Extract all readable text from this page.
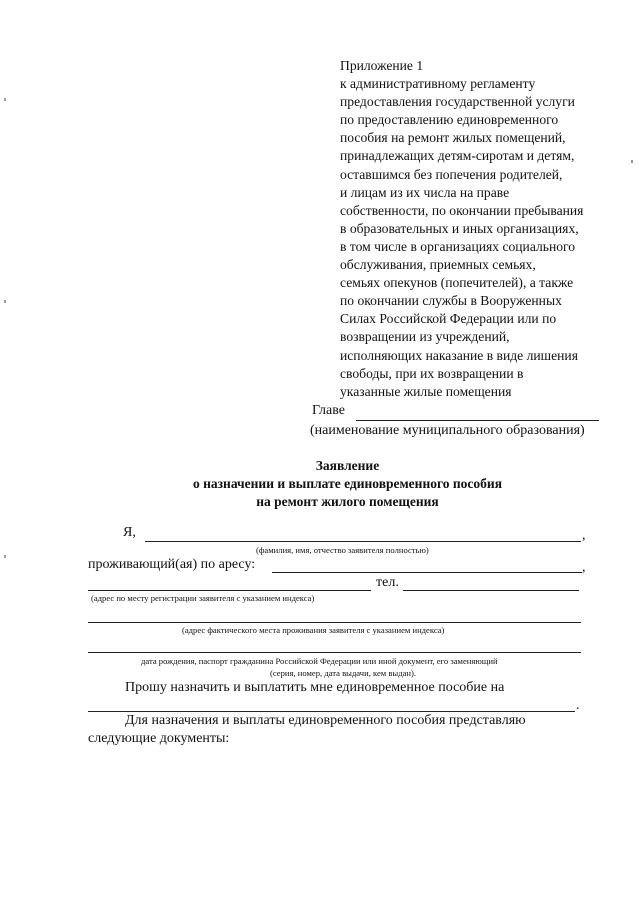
Приложение 1
к административному регламенту
предоставления государственной услуги
по предоставлению единовременного
пособия на ремонт жилых помещений,
принадлежащих детям-сиротам и детям,
оставшимся без попечения родителей,
и лицам из их числа на праве
собственности, по окончании пребывания
в образовательных и иных организациях,
в том числе в организациях социального
обслуживания, приемных семьях,
семьях опекунов (попечителей), а также
по окончании службы в Вооруженных
Силах Российской Федерации или по
возвращении из учреждений,
исполняющих наказание в виде лишения
свободы, при их возвращении в
указанные жилые помещения
Главе
(наименование муниципального образования)
Заявление
о назначении и выплате единовременного пособия
на ремонт жилого помещения
Я,	,
(фамилия, имя, отчество заявителя полностью)
проживающий(ая) по аресу:	,
тел.
(адрес по месту регистрации заявителя с указанием индекса)
(адрес фактического места проживания заявителя с указанием индекса)
дата рождения, паспорт гражданина Российской Федерации или иной документ, его заменяющий
(серия, номер, дата выдачи, кем выдан).
Прошу назначить и выплатить мне единовременное пособие на
.
Для назначения и выплаты единовременного пособия представляю
следующие документы:
